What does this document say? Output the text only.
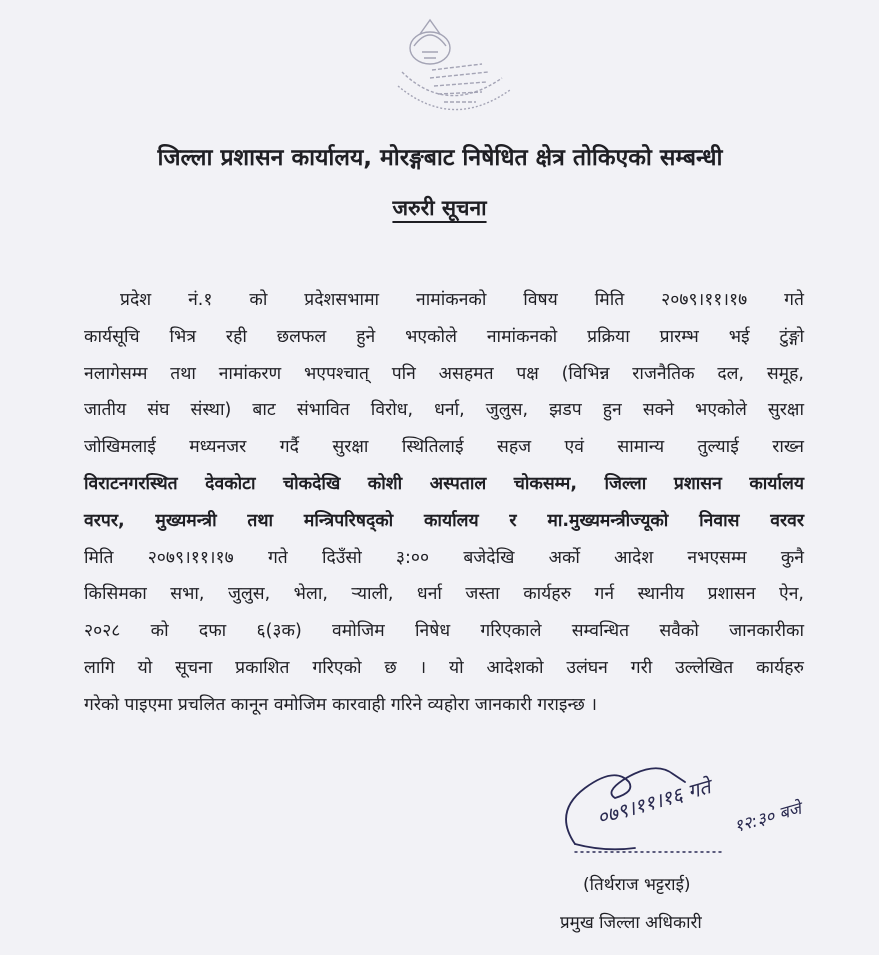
जिल्ला प्रशासन कार्यालय, मोरङ्गबाट निषेधित क्षेत्र तोकिएको सम्बन्धी
जरुरी सूचना
प्रदेश नं.१ को प्रदेशसभामा नामांकनको विषय मिति २०७९।११।१७ गते
कार्यसूचि भित्र रही छलफल हुने भएकोले नामांकनको प्रक्रिया प्रारम्भ भई टुंङ्गो
नलागेसम्म तथा नामांकरण भएपश्चात् पनि असहमत पक्ष (विभिन्न राजनैतिक दल, समूह,
जातीय संघ संस्था) बाट संभावित विरोध, धर्ना, जुलुस, झडप हुन सक्ने भएकोले सुरक्षा
जोखिमलाई मध्यनजर गर्दै सुरक्षा स्थितिलाई सहज एवं सामान्य तुल्याई राख्न
विराटनगरस्थित देवकोटा चोकदेखि कोशी अस्पताल चोकसम्म, जिल्ला प्रशासन कार्यालय
वरपर, मुख्यमन्त्री तथा मन्त्रिपरिषद्को कार्यालय र मा.मुख्यमन्त्रीज्यूको निवास वरवर
मिति २०७९।११।१७ गते दिउँसो ३:०० बजेदेखि अर्को आदेश नभएसम्म कुनै
किसिमका सभा, जुलुस, भेला, ऱ्याली, धर्ना जस्ता कार्यहरु गर्न स्थानीय प्रशासन ऐन,
२०२८ को दफा ६(३क) वमोजिम निषेध गरिएकाले सम्वन्धित सवैको जानकारीका
लागि यो सूचना प्रकाशित गरिएको छ । यो आदेशको उलंघन गरी उल्लेखित कार्यहरु
गरेको पाइएमा प्रचलित कानून वमोजिम कारवाही गरिने व्यहोरा जानकारी गराइन्छ ।
०७९।११।१६ गते १२:३० बजे
(तिर्थराज भट्टराई)
प्रमुख जिल्ला अधिकारी
